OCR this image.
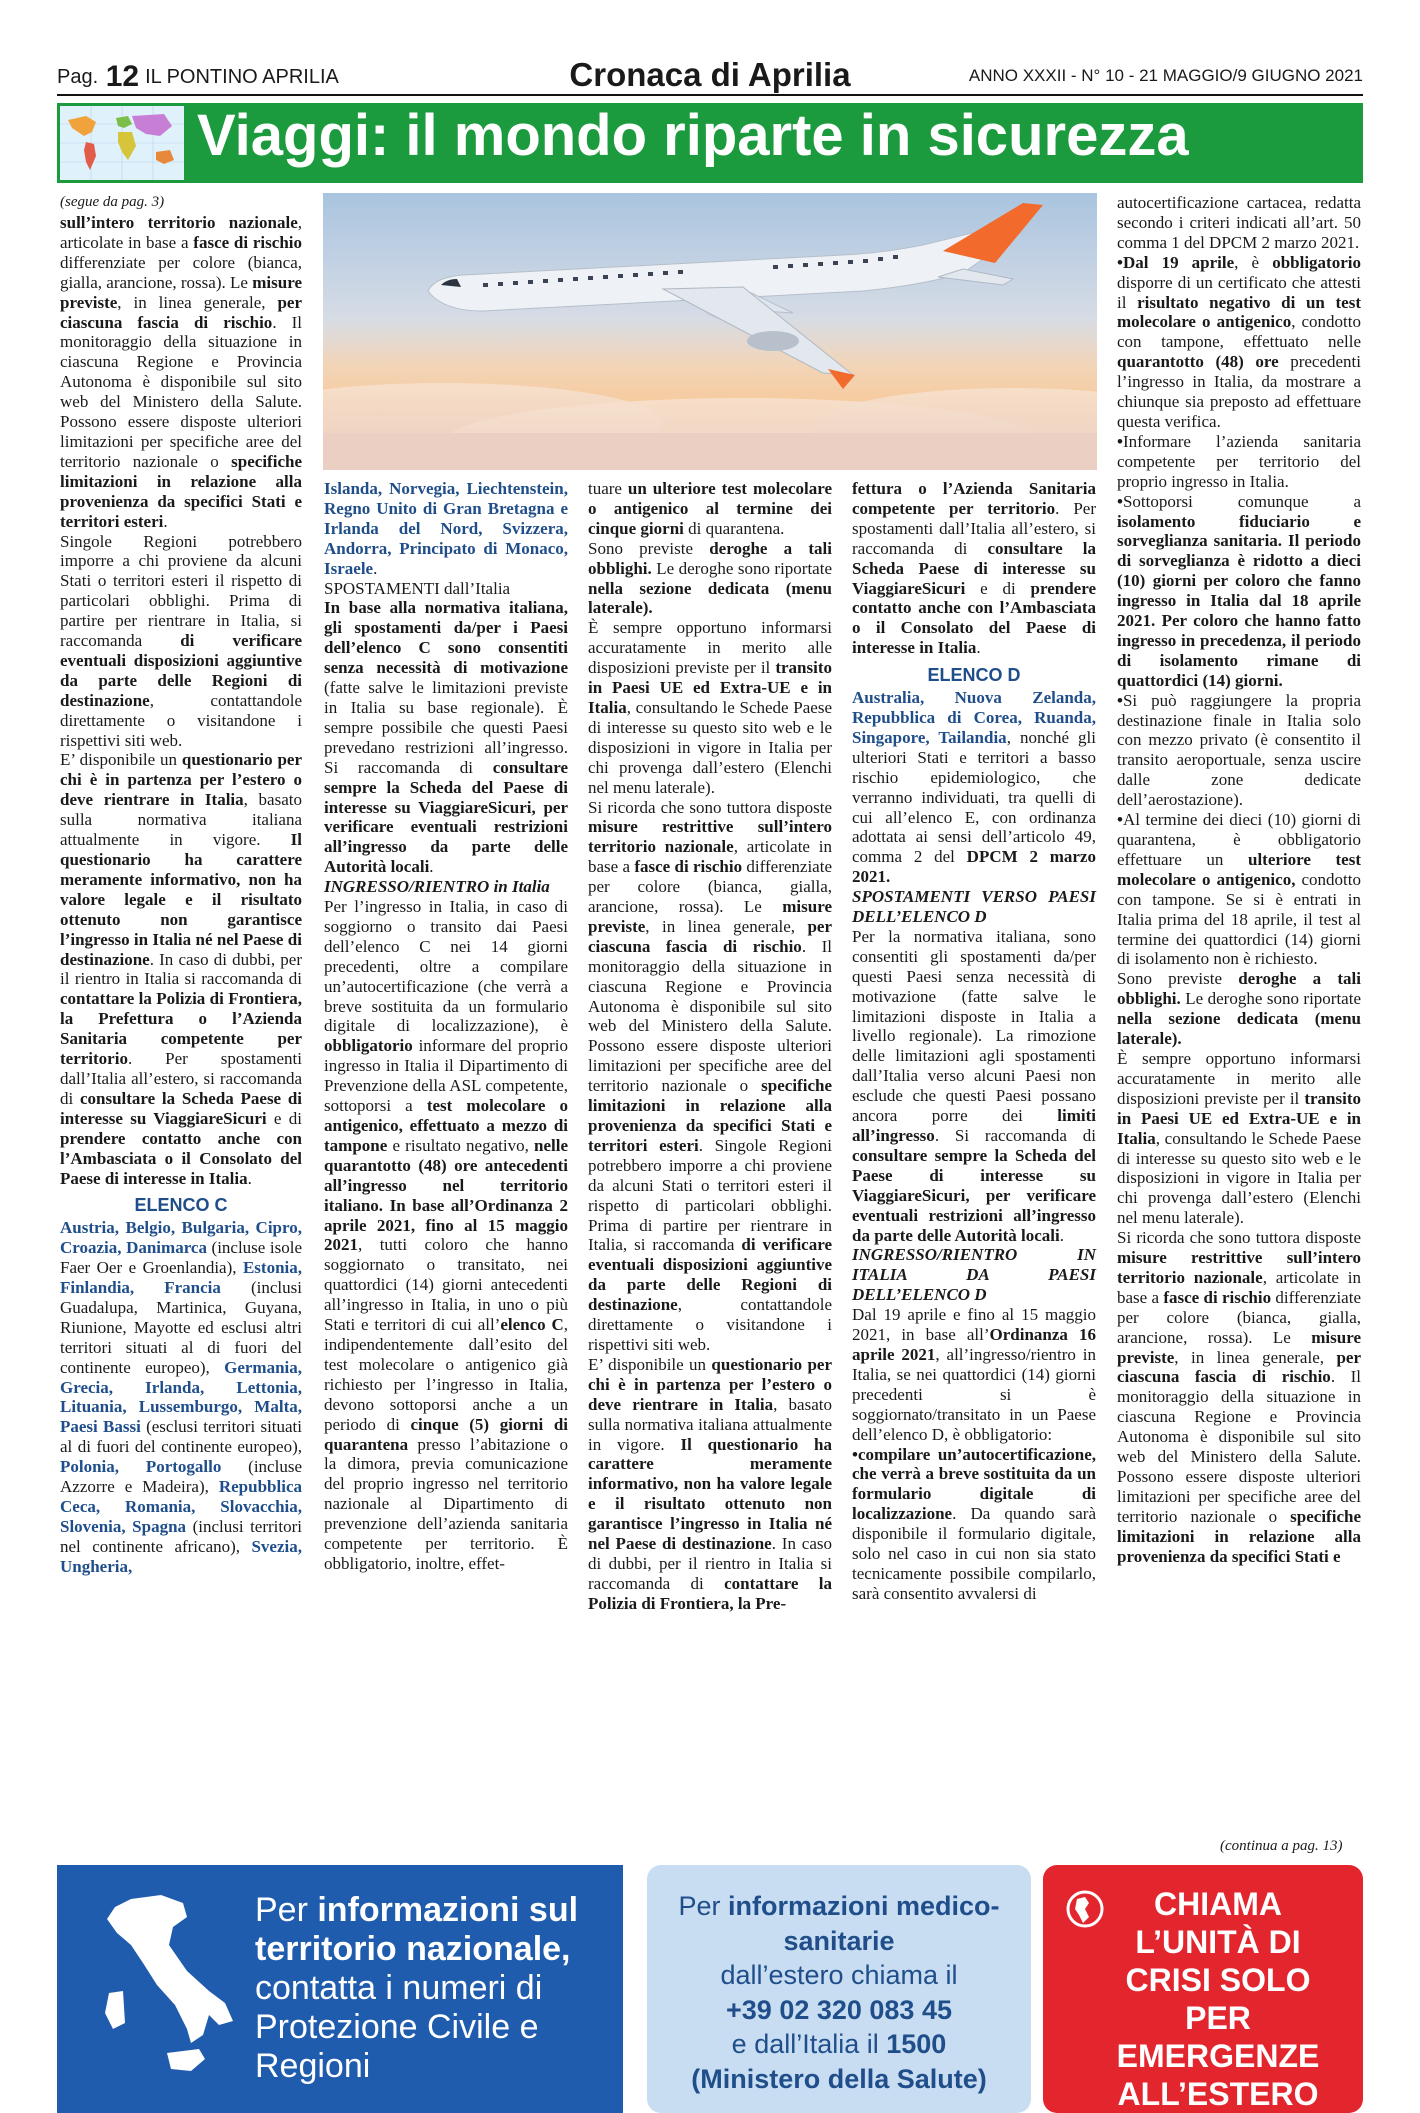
Pag. 12 IL PONTINO APRILIA	Cronaca di Aprilia	ANNO XXXII - N° 10 - 21 MAGGIO/9 GIUGNO 2021
Viaggi: il mondo riparte in sicurezza
(segue da pag. 3)

sull’intero territorio nazionale, articolate in base a fasce di rischio differenziate per colore (bianca, gialla, arancione, rossa). Le misure previste, in linea generale, per ciascuna fascia di rischio. Il monitoraggio della situazione in ciascuna Regione e Provincia Autonoma è disponibile sul sito web del Ministero della Salute. Possono essere disposte ulteriori limitazioni per specifiche aree del territorio nazionale o specifiche limitazioni in relazione alla provenienza da specifici Stati e territori esteri.

Singole Regioni potrebbero imporre a chi proviene da alcuni Stati o territori esteri il rispetto di particolari obblighi. Prima di partire per rientrare in Italia, si raccomanda di verificare eventuali disposizioni aggiuntive da parte delle Regioni di destinazione, contattandole direttamente o visitandone i rispettivi siti web.

E’ disponibile un questionario per chi è in partenza per l’estero o deve rientrare in Italia, basato sulla normativa italiana attualmente in vigore. Il questionario ha carattere meramente informativo, non ha valore legale e il risultato ottenuto non garantisce l’ingresso in Italia né nel Paese di destinazione. In caso di dubbi, per il rientro in Italia si raccomanda di contattare la Polizia di Frontiera, la Prefettura o l’Azienda Sanitaria competente per territorio. Per spostamenti dall’Italia all’estero, si raccomanda di consultare la Scheda Paese di interesse su ViaggiareSicuri e di prendere contatto anche con l’Ambasciata o il Consolato del Paese di interesse in Italia.

ELENCO C

Austria, Belgio, Bulgaria, Cipro, Croazia, Danimarca (incluse isole Faer Oer e Groenlandia), Estonia, Finlandia, Francia (inclusi Guadalupa, Martinica, Guyana, Riunione, Mayotte ed esclusi altri territori situati al di fuori del continente europeo), Germania, Grecia, Irlanda, Lettonia, Lituania, Lussemburgo, Malta, Paesi Bassi (esclusi territori situati al di fuori del continente europeo), Polonia, Portogallo (incluse Azzorre e Madeira), Repubblica Ceca, Romania, Slovacchia, Slovenia, Spagna (inclusi territori nel continente africano), Svezia, Ungheria,

Islanda, Norvegia, Liechtenstein, Regno Unito di Gran Bretagna e Irlanda del Nord, Svizzera, Andorra, Principato di Monaco, Israele.

SPOSTAMENTI dall’Italia

In base alla normativa italiana, gli spostamenti da/per i Paesi dell’elenco C sono consentiti senza necessità di motivazione (fatte salve le limitazioni previste in Italia su base regionale). È sempre possibile che questi Paesi prevedano restrizioni all’ingresso. Si raccomanda di consultare sempre la Scheda del Paese di interesse su ViaggiareSicuri, per verificare eventuali restrizioni all’ingresso da parte delle Autorità locali.

INGRESSO/RIENTRO in Italia

Per l’ingresso in Italia, in caso di soggiorno o transito dai Paesi dell’elenco C nei 14 giorni precedenti, oltre a compilare un’autocertificazione (che verrà a breve sostituita da un formulario digitale di localizzazione), è obbligatorio informare del proprio ingresso in Italia il Dipartimento di Prevenzione della ASL competente, sottoporsi a test molecolare o antigenico, effettuato a mezzo di tampone e risultato negativo, nelle quarantotto (48) ore antecedenti all’ingresso nel territorio italiano. In base all’Ordinanza 2 aprile 2021, fino al 15 maggio 2021, tutti coloro che hanno soggiornato o transitato, nei quattordici (14) giorni antecedenti all’ingresso in Italia, in uno o più Stati e territori di cui all’elenco C, indipendentemente dall’esito del test molecolare o antigenico già richiesto per l’ingresso in Italia, devono sottoporsi anche a un periodo di cinque (5) giorni di quarantena presso l’abitazione o la dimora, previa comunicazione del proprio ingresso nel territorio nazionale al Dipartimento di prevenzione dell’azienda sanitaria competente per territorio. È obbligatorio, inoltre, effet-

tuare un ulteriore test molecolare o antigenico al termine dei cinque giorni di quarantena.

Sono previste deroghe a tali obblighi. Le deroghe sono riportate nella sezione dedicata (menu laterale).

È sempre opportuno informarsi accuratamente in merito alle disposizioni previste per il transito in Paesi UE ed Extra-UE e in Italia, consultando le Schede Paese di interesse su questo sito web e le disposizioni in vigore in Italia per chi provenga dall’estero (Elenchi nel menu laterale).

Si ricorda che sono tuttora disposte misure restrittive sull’intero territorio nazionale, articolate in base a fasce di rischio differenziate per colore (bianca, gialla, arancione, rossa). Le misure previste, in linea generale, per ciascuna fascia di rischio. Il monitoraggio della situazione in ciascuna Regione e Provincia Autonoma è disponibile sul sito web del Ministero della Salute. Possono essere disposte ulteriori limitazioni per specifiche aree del territorio nazionale o specifiche limitazioni in relazione alla provenienza da specifici Stati e territori esteri. Singole Regioni potrebbero imporre a chi proviene da alcuni Stati o territori esteri il rispetto di particolari obblighi. Prima di partire per rientrare in Italia, si raccomanda di verificare eventuali disposizioni aggiuntive da parte delle Regioni di destinazione, contattandole direttamente o visitandone i rispettivi siti web.

E’ disponibile un questionario per chi è in partenza per l’estero o deve rientrare in Italia, basato sulla normativa italiana attualmente in vigore. Il questionario ha carattere meramente informativo, non ha valore legale e il risultato ottenuto non garantisce l’ingresso in Italia né nel Paese di destinazione. In caso di dubbi, per il rientro in Italia si raccomanda di contattare la Polizia di Frontiera, la Pre-

fettura o l’Azienda Sanitaria competente per territorio. Per spostamenti dall’Italia all’estero, si raccomanda di consultare la Scheda Paese di interesse su ViaggiareSicuri e di prendere contatto anche con l’Ambasciata o il Consolato del Paese di interesse in Italia.

ELENCO D

Australia, Nuova Zelanda, Repubblica di Corea, Ruanda, Singapore, Tailandia, nonché gli ulteriori Stati e territori a basso rischio epidemiologico, che verranno individuati, tra quelli di cui all’elenco E, con ordinanza adottata ai sensi dell’articolo 49, comma 2 del DPCM 2 marzo 2021.

SPOSTAMENTI VERSO PAESI DELL’ELENCO D

Per la normativa italiana, sono consentiti gli spostamenti da/per questi Paesi senza necessità di motivazione (fatte salve le limitazioni disposte in Italia a livello regionale). La rimozione delle limitazioni agli spostamenti dall’Italia verso alcuni Paesi non esclude che questi Paesi possano ancora porre dei limiti all’ingresso. Si raccomanda di consultare sempre la Scheda del Paese di interesse su ViaggiareSicuri, per verificare eventuali restrizioni all’ingresso da parte delle Autorità locali.

INGRESSO/RIENTRO IN ITALIA DA PAESI DELL’ELENCO D

Dal 19 aprile e fino al 15 maggio 2021, in base all’Ordinanza 16 aprile 2021, all’ingresso/rientro in Italia, se nei quattordici (14) giorni precedenti si è soggiornato/transitato in un Paese dell’elenco D, è obbligatorio:

• compilare un’autocertificazione, che verrà a breve sostituita da un formulario digitale di localizzazione. Da quando sarà disponibile il formulario digitale, solo nel caso in cui non sia stato tecnicamente possibile compilarlo, sarà consentito avvalersi di

autocertificazione cartacea, redatta secondo i criteri indicati all’art. 50 comma 1 del DPCM 2 marzo 2021.

• Dal 19 aprile, è obbligatorio disporre di un certificato che attesti il risultato negativo di un test molecolare o antigenico, condotto con tampone, effettuato nelle quarantotto (48) ore precedenti l’ingresso in Italia, da mostrare a chiunque sia preposto ad effettuare questa verifica.

• Informare l’azienda sanitaria competente per territorio del proprio ingresso in Italia.

• Sottoporsi comunque a isolamento fiduciario e sorveglianza sanitaria. Il periodo di sorveglianza è ridotto a dieci (10) giorni per coloro che fanno ingresso in Italia dal 18 aprile 2021. Per coloro che hanno fatto ingresso in precedenza, il periodo di isolamento rimane di quattordici (14) giorni.

• Si può raggiungere la propria destinazione finale in Italia solo con mezzo privato (è consentito il transito aeroportuale, senza uscire dalle zone dedicate dell’aerostazione).

• Al termine dei dieci (10) giorni di quarantena, è obbligatorio effettuare un ulteriore test molecolare o antigenico, condotto con tampone. Se si è entrati in Italia prima del 18 aprile, il test al termine dei quattordici (14) giorni di isolamento non è richiesto.

Sono previste deroghe a tali obblighi. Le deroghe sono riportate nella sezione dedicata (menu laterale).

È sempre opportuno informarsi accuratamente in merito alle disposizioni previste per il transito in Paesi UE ed Extra-UE e in Italia, consultando le Schede Paese di interesse su questo sito web e le disposizioni in vigore in Italia per chi provenga dall’estero (Elenchi nel menu laterale).

Si ricorda che sono tuttora disposte misure restrittive sull’intero territorio nazionale, articolate in base a fasce di rischio differenziate per colore (bianca, gialla, arancione, rossa). Le misure previste, in linea generale, per ciascuna fascia di rischio. Il monitoraggio della situazione in ciascuna Regione e Provincia Autonoma è disponibile sul sito web del Ministero della Salute. Possono essere disposte ulteriori limitazioni per specifiche aree del territorio nazionale o specifiche limitazioni in relazione alla provenienza da specifici Stati e

(continua a pag. 13)
Per informazioni sul territorio nazionale, contatta i numeri di Protezione Civile e Regioni
Per informazioni medico-sanitarie
dall’estero chiama il
+39 02 320 083 45
e dall’Italia il 1500
(Ministero della Salute)
CHIAMA L’UNITÀ DI CRISI SOLO PER EMERGENZE ALL’ESTERO
